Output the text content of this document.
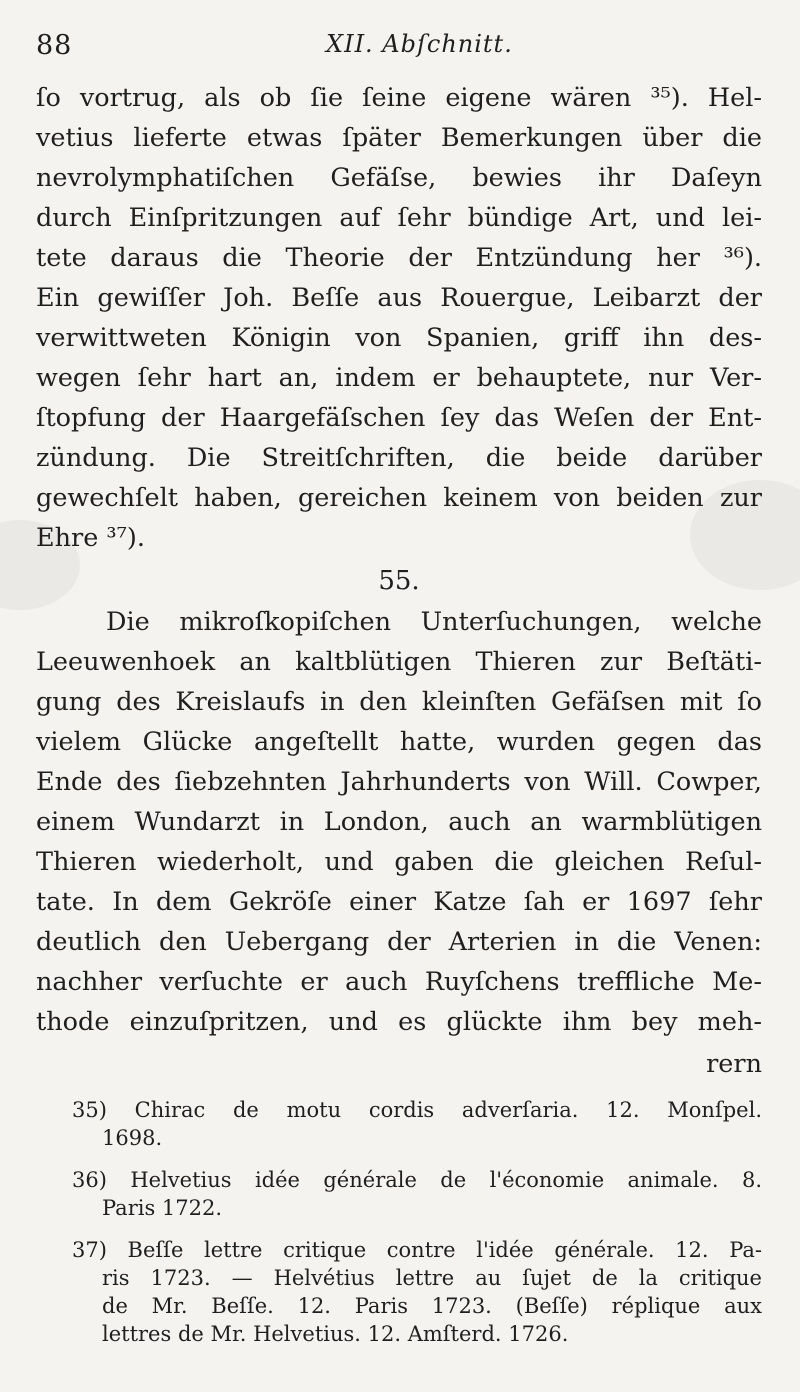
88	XII. Abſchnitt.
ſo vortrug, als ob ſie ſeine eigene wären ³⁵). Hel-
vetius lieferte etwas ſpäter Bemerkungen über die
nevrolymphatiſchen Gefäſse, bewies ihr Daſeyn
durch Einſpritzungen auf ſehr bündige Art, und lei-
tete daraus die Theorie der Entzündung her ³⁶).
Ein gewiſſer Joh. Beſſe aus Rouergue, Leibarzt der
verwittweten Königin von Spanien, griff ihn des-
wegen ſehr hart an, indem er behauptete, nur Ver-
ſtopfung der Haargefäſschen ſey das Weſen der Ent-
zündung. Die Streitſchriften, die beide darüber
gewechſelt haben, gereichen keinem von beiden zur
Ehre ³⁷).
55.
Die mikroſkopiſchen Unterſuchungen, welche
Leeuwenhoek an kaltblütigen Thieren zur Beſtäti-
gung des Kreislaufs in den kleinſten Gefäſsen mit ſo
vielem Glücke angeſtellt hatte, wurden gegen das
Ende des ſiebzehnten Jahrhunderts von Will. Cowper,
einem Wundarzt in London, auch an warmblütigen
Thieren wiederholt, und gaben die gleichen Reſul-
tate. In dem Gekröſe einer Katze ſah er 1697 ſehr
deutlich den Uebergang der Arterien in die Venen:
nachher verſuchte er auch Ruyſchens treffliche Me-
thode einzuſpritzen, und es glückte ihm bey meh-
rern
35) Chirac de motu cordis adverſaria. 12. Monſpel.
1698.
36) Helvetius idée générale de l'économie animale. 8.
Paris 1722.
37) Beſſe lettre critique contre l'idée générale. 12. Pa-
ris 1723. — Helvétius lettre au ſujet de la critique
de Mr. Beſſe. 12. Paris 1723. (Beſſe) réplique aux
lettres de Mr. Helvetius. 12. Amſterd. 1726.
